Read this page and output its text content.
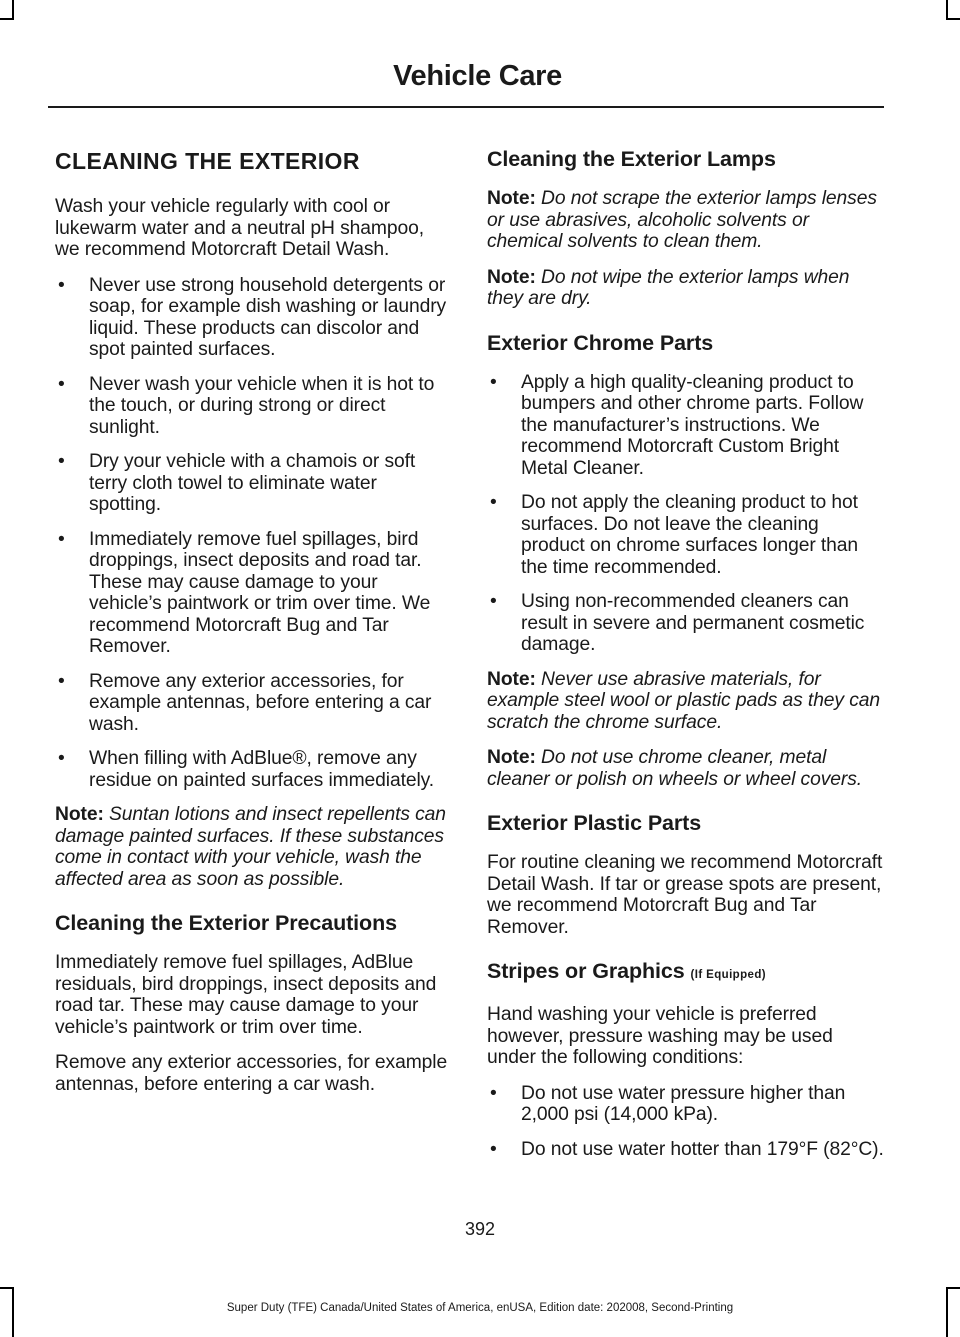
Vehicle Care
CLEANING THE EXTERIOR

Wash your vehicle regularly with cool or lukewarm water and a neutral pH shampoo, we recommend Motorcraft Detail Wash.

• Never use strong household detergents or soap, for example dish washing or laundry liquid. These products can discolor and spot painted surfaces.
• Never wash your vehicle when it is hot to the touch, or during strong or direct sunlight.
• Dry your vehicle with a chamois or soft terry cloth towel to eliminate water spotting.
• Immediately remove fuel spillages, bird droppings, insect deposits and road tar. These may cause damage to your vehicle’s paintwork or trim over time. We recommend Motorcraft Bug and Tar Remover.
• Remove any exterior accessories, for example antennas, before entering a car wash.
• When filling with AdBlue®, remove any residue on painted surfaces immediately.

Note: Suntan lotions and insect repellents can damage painted surfaces. If these substances come in contact with your vehicle, wash the affected area as soon as possible.

Cleaning the Exterior Precautions

Immediately remove fuel spillages, AdBlue residuals, bird droppings, insect deposits and road tar. These may cause damage to your vehicle’s paintwork or trim over time.

Remove any exterior accessories, for example antennas, before entering a car wash.

Cleaning the Exterior Lamps

Note: Do not scrape the exterior lamps lenses or use abrasives, alcoholic solvents or chemical solvents to clean them.

Note: Do not wipe the exterior lamps when they are dry.

Exterior Chrome Parts
• Apply a high quality-cleaning product to bumpers and other chrome parts. Follow the manufacturer’s instructions. We recommend Motorcraft Custom Bright Metal Cleaner.
• Do not apply the cleaning product to hot surfaces. Do not leave the cleaning product on chrome surfaces longer than the time recommended.
• Using non-recommended cleaners can result in severe and permanent cosmetic damage.

Note: Never use abrasive materials, for example steel wool or plastic pads as they can scratch the chrome surface.

Note: Do not use chrome cleaner, metal cleaner or polish on wheels or wheel covers.

Exterior Plastic Parts

For routine cleaning we recommend Motorcraft Detail Wash. If tar or grease spots are present, we recommend Motorcraft Bug and Tar Remover.

Stripes or Graphics (If Equipped)

Hand washing your vehicle is preferred however, pressure washing may be used under the following conditions:

• Do not use water pressure higher than 2,000 psi (14,000 kPa).
• Do not use water hotter than 179°F (82°C).
392
Super Duty (TFE) Canada/United States of America, enUSA, Edition date: 202008, Second-Printing
